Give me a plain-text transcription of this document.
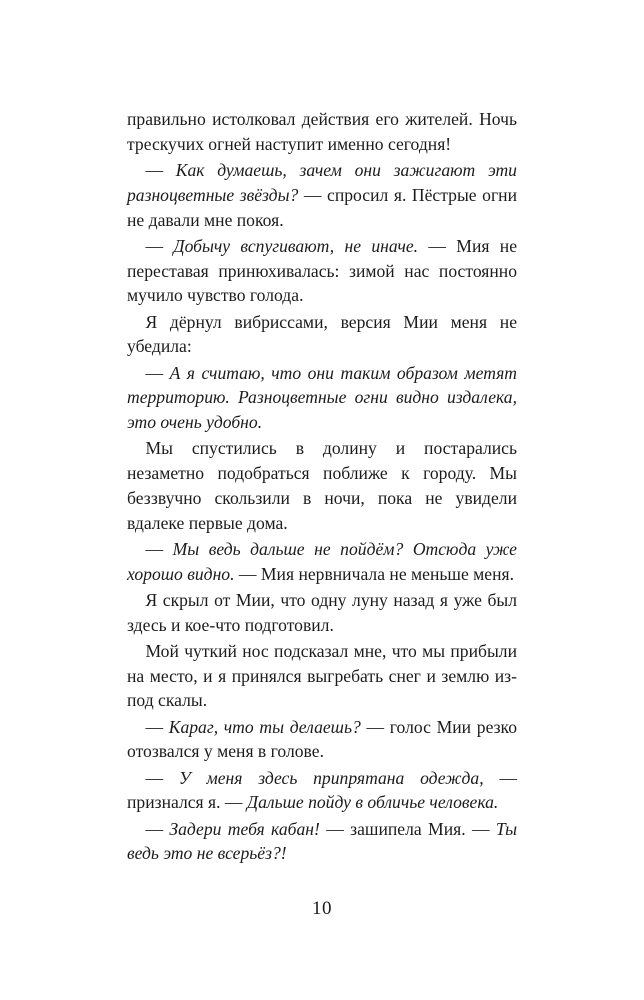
правильно истолковал действия его жителей. Ночь трескучих огней наступит именно сегодня!

— Как думаешь, зачем они зажигают эти разноцветные звёзды? — спросил я. Пёстрые огни не давали мне покоя.

— Добычу вспугивают, не иначе. — Мия не переставая принюхивалась: зимой нас постоянно мучило чувство голода.

Я дёрнул вибриссами, версия Мии меня не убедила:

— А я считаю, что они таким образом метят территорию. Разноцветные огни видно издалека, это очень удобно.

Мы спустились в долину и постарались незаметно подобраться поближе к городу. Мы беззвучно скользили в ночи, пока не увидели вдалеке первые дома.

— Мы ведь дальше не пойдём? Отсюда уже хорошо видно. — Мия нервничала не меньше меня.

Я скрыл от Мии, что одну луну назад я уже был здесь и кое-что подготовил.

Мой чуткий нос подсказал мне, что мы прибыли на место, и я принялся выгребать снег и землю из-под скалы.

— Караг, что ты делаешь? — голос Мии резко отозвался у меня в голове.

— У меня здесь припрятана одежда, — признался я. — Дальше пойду в обличье человека.

— Задери тебя кабан! — зашипела Мия. — Ты ведь это не всерьёз?!

10
